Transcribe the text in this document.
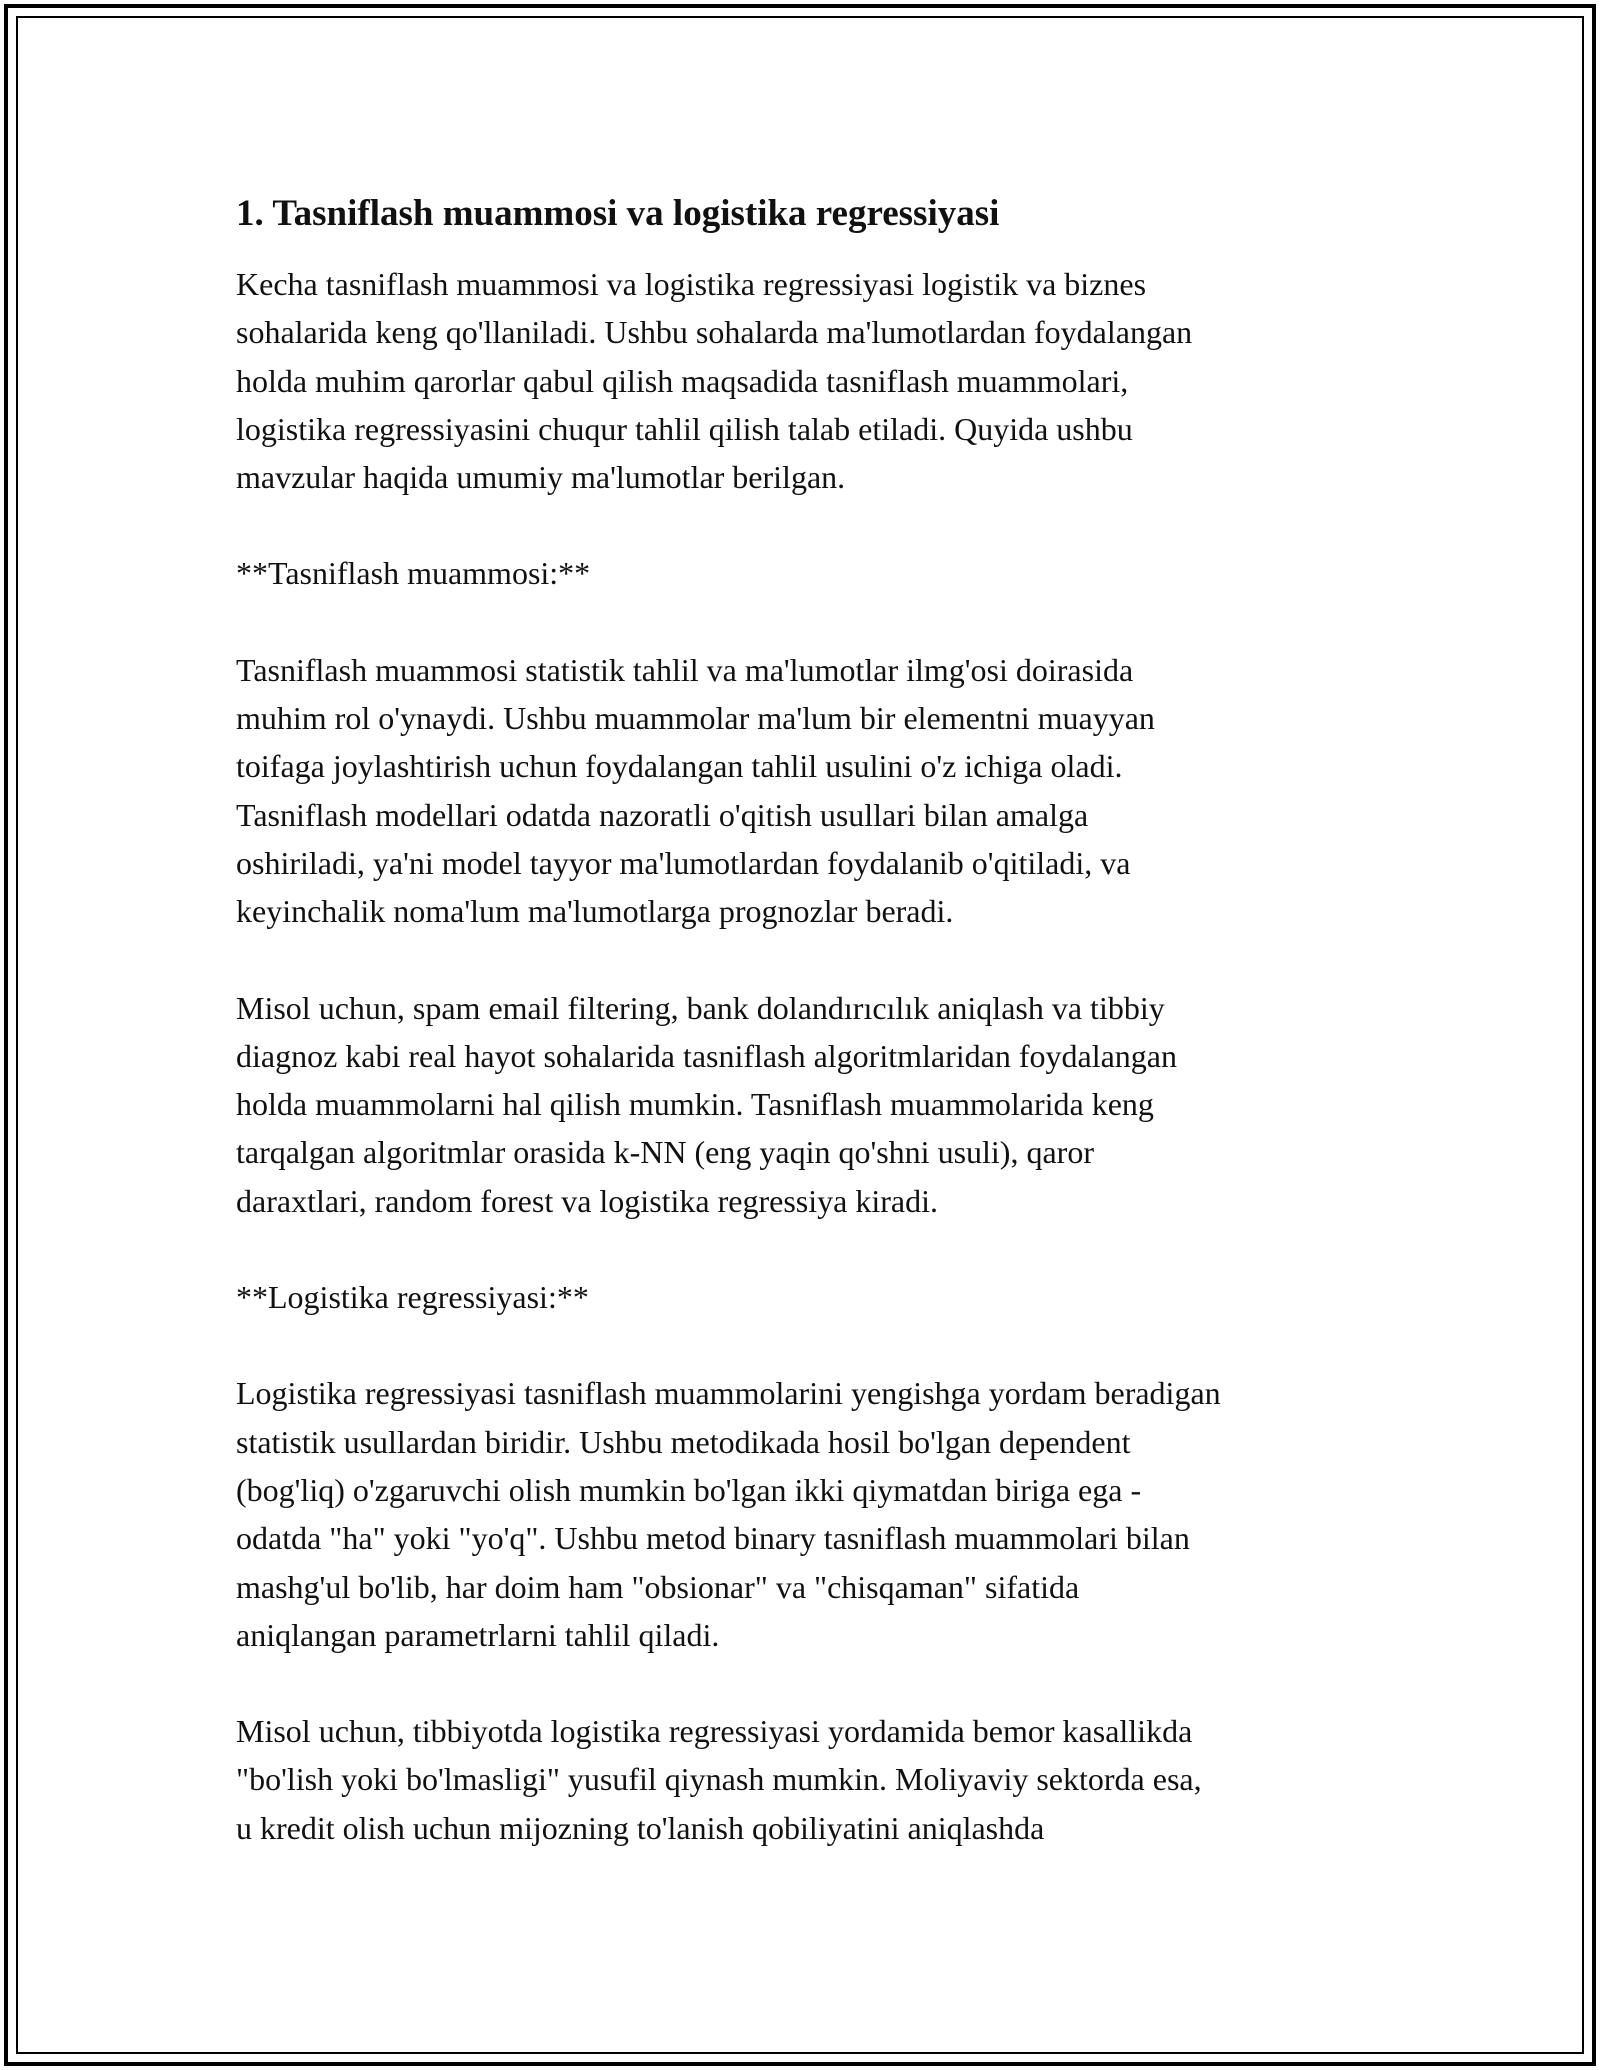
1. Tasniflash muammosi va logistika regressiyasi
Kecha tasniflash muammosi va logistika regressiyasi logistik va biznes
sohalarida keng qo'llaniladi. Ushbu sohalarda ma'lumotlardan foydalangan
holda muhim qarorlar qabul qilish maqsadida tasniflash muammolari,
logistika regressiyasini chuqur tahlil qilish talab etiladi. Quyida ushbu
mavzular haqida umumiy ma'lumotlar berilgan.
**Tasniflash muammosi:**
Tasniflash muammosi statistik tahlil va ma'lumotlar ilmg'osi doirasida
muhim rol o'ynaydi. Ushbu muammolar ma'lum bir elementni muayyan
toifaga joylashtirish uchun foydalangan tahlil usulini o'z ichiga oladi.
Tasniflash modellari odatda nazoratli o'qitish usullari bilan amalga
oshiriladi, ya'ni model tayyor ma'lumotlardan foydalanib o'qitiladi, va
keyinchalik noma'lum ma'lumotlarga prognozlar beradi.
Misol uchun, spam email filtering, bank dolandırıcılık aniqlash va tibbiy
diagnoz kabi real hayot sohalarida tasniflash algoritmlaridan foydalangan
holda muammolarni hal qilish mumkin. Tasniflash muammolarida keng
tarqalgan algoritmlar orasida k-NN (eng yaqin qo'shni usuli), qaror
daraxtlari, random forest va logistika regressiya kiradi.
**Logistika regressiyasi:**
Logistika regressiyasi tasniflash muammolarini yengishga yordam beradigan
statistik usullardan biridir. Ushbu metodikada hosil bo'lgan dependent
(bog'liq) o'zgaruvchi olish mumkin bo'lgan ikki qiymatdan biriga ega -
odatda "ha" yoki "yo'q". Ushbu metod binary tasniflash muammolari bilan
mashg'ul bo'lib, har doim ham "obsionar" va "chisqaman" sifatida
aniqlangan parametrlarni tahlil qiladi.
Misol uchun, tibbiyotda logistika regressiyasi yordamida bemor kasallikda
"bo'lish yoki bo'lmasligi" yusufil qiynash mumkin. Moliyaviy sektorda esa,
u kredit olish uchun mijozning to'lanish qobiliyatini aniqlashda
